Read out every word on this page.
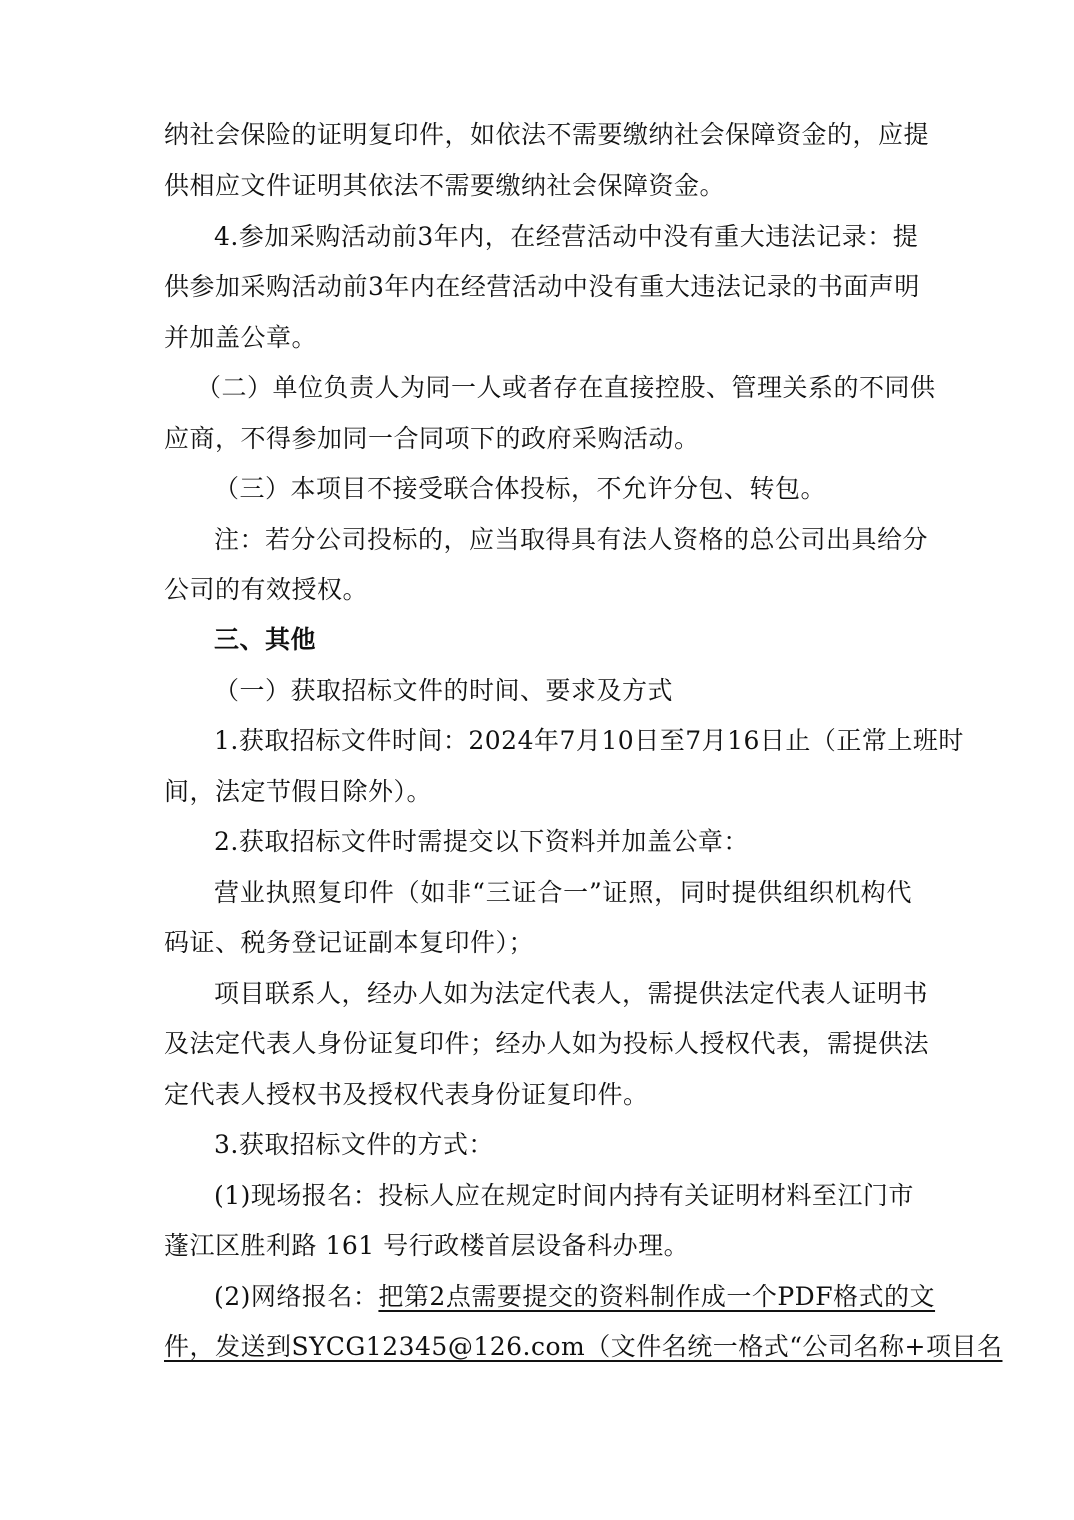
纳社会保险的证明复印件，如依法不需要缴纳社会保障资金的，应提
供相应文件证明其依法不需要缴纳社会保障资金。
4.参加采购活动前3年内，在经营活动中没有重大违法记录：提
供参加采购活动前3年内在经营活动中没有重大违法记录的书面声明
并加盖公章。
（二）单位负责人为同一人或者存在直接控股、管理关系的不同供
应商，不得参加同一合同项下的政府采购活动。
（三）本项目不接受联合体投标，不允许分包、转包。
注：若分公司投标的，应当取得具有法人资格的总公司出具给分
公司的有效授权。
三、其他
（一）获取招标文件的时间、要求及方式
1.获取招标文件时间：2024年7月10日至7月16日止（正常上班时
间，法定节假日除外）。
2.获取招标文件时需提交以下资料并加盖公章：
营业执照复印件（如非“三证合一”证照，同时提供组织机构代
码证、税务登记证副本复印件）；
项目联系人，经办人如为法定代表人，需提供法定代表人证明书
及法定代表人身份证复印件；经办人如为投标人授权代表，需提供法
定代表人授权书及授权代表身份证复印件。
3.获取招标文件的方式：
(1)现场报名：投标人应在规定时间内持有关证明材料至江门市
蓬江区胜利路 161 号行政楼首层设备科办理。
(2)网络报名：把第2点需要提交的资料制作成一个PDF格式的文
件，发送到SYCG12345@126.com（文件名统一格式“公司名称+项目名
